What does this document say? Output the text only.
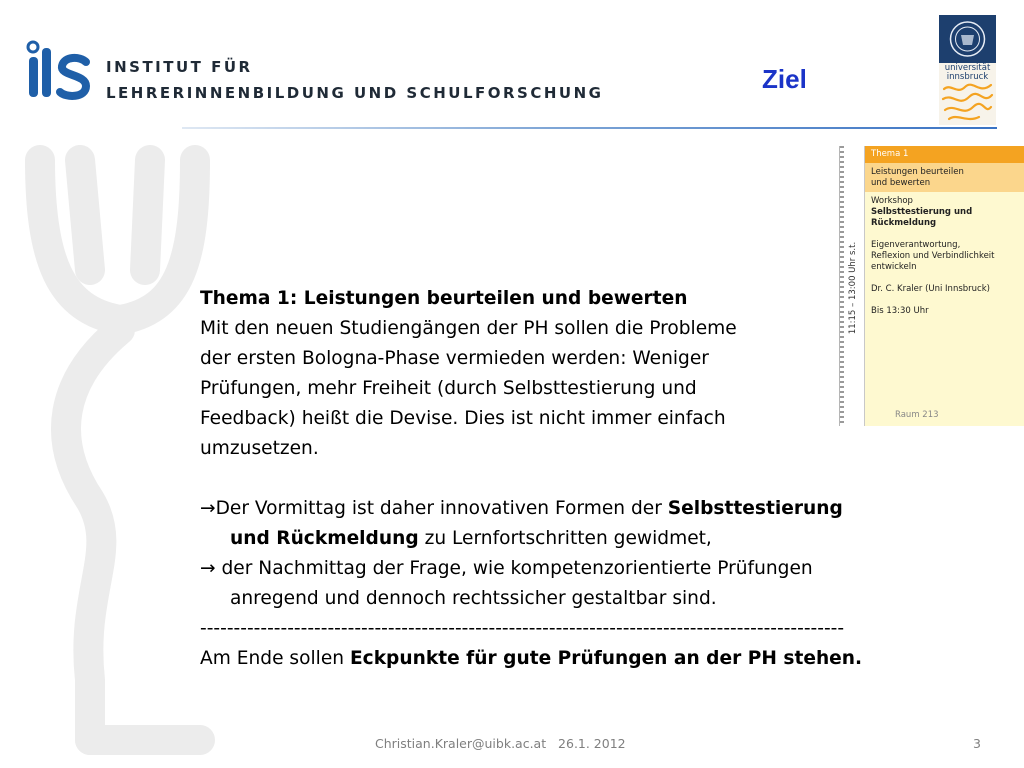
INSTITUT FÜR
LEHRERINNENBILDUNG UND SCHULFORSCHUNG	Ziel	universität
innsbruck
11:15 – 13:00 Uhr s.t.
Thema 1
Leistungen beurteilen
und bewerten
Workshop
Selbsttestierung und
Rückmeldung
Eigenverantwortung,
Reflexion und Verbindlichkeit
entwickeln
Dr. C. Kraler (Uni Innsbruck)
Bis 13:30 Uhr
Raum 213

Thema 1: Leistungen beurteilen und bewerten

Mit den neuen Studiengängen der PH sollen die Probleme

der ersten Bologna-Phase vermieden werden: Weniger

Prüfungen, mehr Freiheit (durch Selbsttestierung und

Feedback) heißt die Devise. Dies ist nicht immer einfach

umzusetzen.

→Der Vormittag ist daher innovativen Formen der Selbsttestierung

und Rückmeldung zu Lernfortschritten gewidmet,

→ der Nachmittag der Frage, wie kompetenzorientierte Prüfungen

anregend und dennoch rechtssicher gestaltbar sind.

------------------------------------------------------------------------------------------------

Am Ende sollen Eckpunkte für gute Prüfungen an der PH stehen.

Christian.Kraler@uibk.ac.at   26.1. 2012	3
